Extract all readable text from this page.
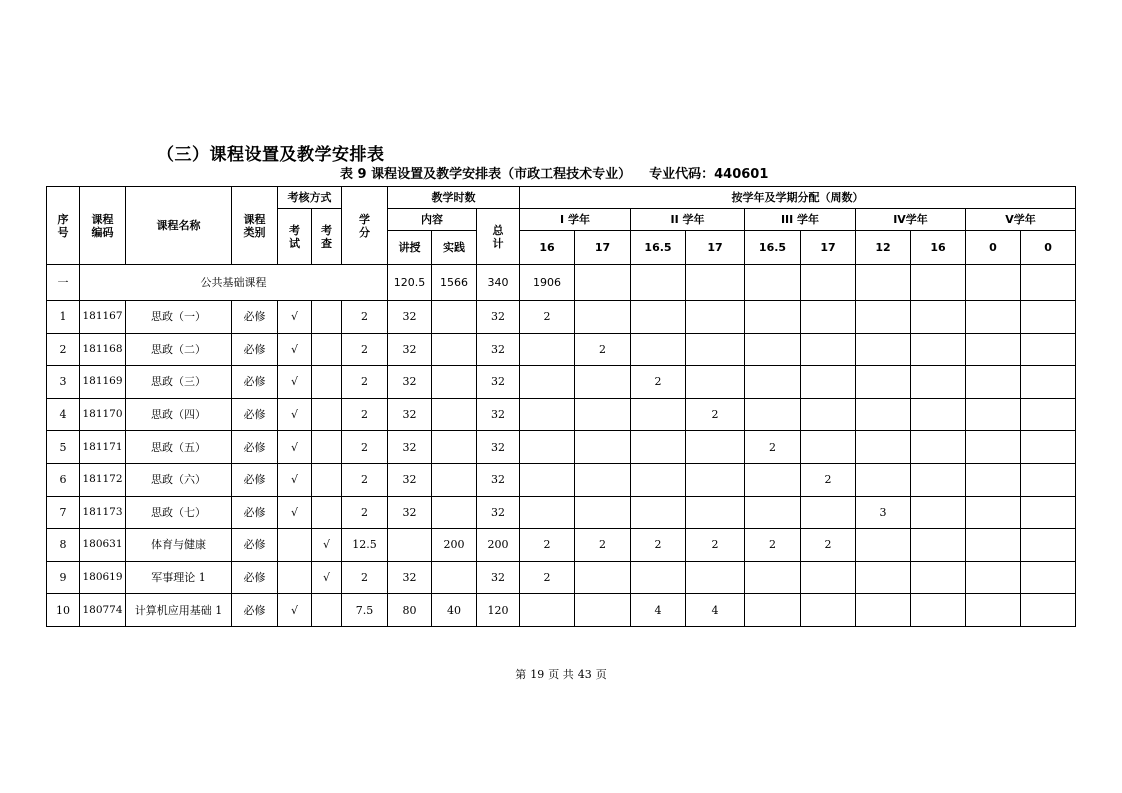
（三）课程设置及教学安排表
表 9 课程设置及教学安排表（市政工程技术专业） 专业代码：440601
序号	课程编码	课程名称	课程类别	考核方式		学分	教学时数			按学年及学期分配（周数）										
				考试	考查		内容		总计	I 学年		II 学年		III 学年		IV学年		V学年		
							讲授	实践		16	17	16.5	17	16.5	17	12	16	0	0	
一	公共基础课程						120.5	1566	340	1906										
1	181167	思政（一）	必修	√		2	32		32	2										
2	181168	思政（二）	必修	√		2	32		32		2									
3	181169	思政（三）	必修	√		2	32		32			2								
4	181170	思政（四）	必修	√		2	32		32				2							
5	181171	思政（五）	必修	√		2	32		32					2						
6	181172	思政（六）	必修	√		2	32		32						2					
7	181173	思政（七）	必修	√		2	32		32							3				
8	180631	体育与健康	必修		√	12.5		200	200	2	2	2	2	2	2					
9	180619	军事理论 1	必修		√	2	32		32	2										
10	180774	计算机应用基础 1	必修	√		7.5	80	40	120			4	4							
第 19 页 共 43 页
